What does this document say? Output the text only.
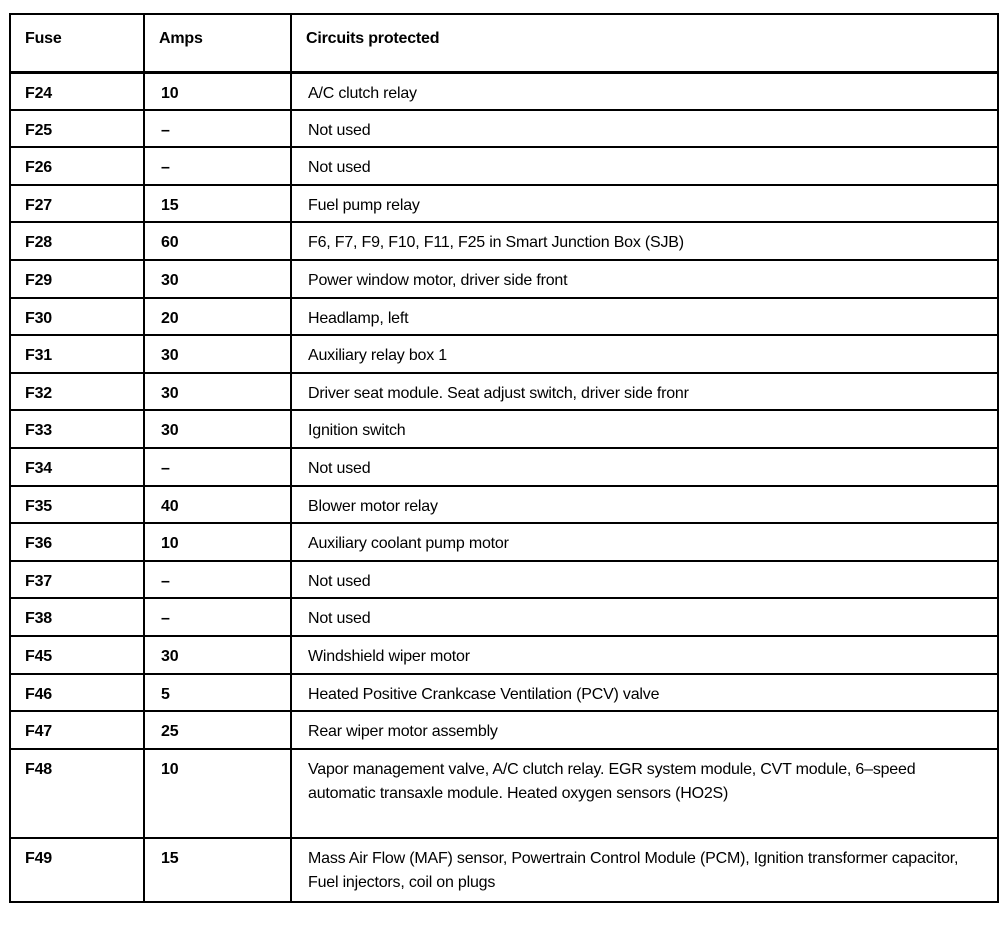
Fuse	Amps	Circuits protected
F24	10	A/C clutch relay
F25	–	Not used
F26	–	Not used
F27	15	Fuel pump relay
F28	60	F6, F7, F9, F10, F11, F25 in Smart Junction Box (SJB)
F29	30	Power window motor, driver side front
F30	20	Headlamp, left
F31	30	Auxiliary relay box 1
F32	30	Driver seat module. Seat adjust switch, driver side fronr
F33	30	Ignition switch
F34	–	Not used
F35	40	Blower motor relay
F36	10	Auxiliary coolant pump motor
F37	–	Not used
F38	–	Not used
F45	30	Windshield wiper motor
F46	5	Heated Positive Crankcase Ventilation (PCV) valve
F47	25	Rear wiper motor assembly
F48	10	Vapor management valve, A/C clutch relay. EGR system module, CVT module, 6–speed automatic transaxle module. Heated oxygen sensors (HO2S)
F49	15	Mass Air Flow (MAF) sensor, Powertrain Control Module (PCM), Ignition transformer capacitor, Fuel injectors, coil on plugs
